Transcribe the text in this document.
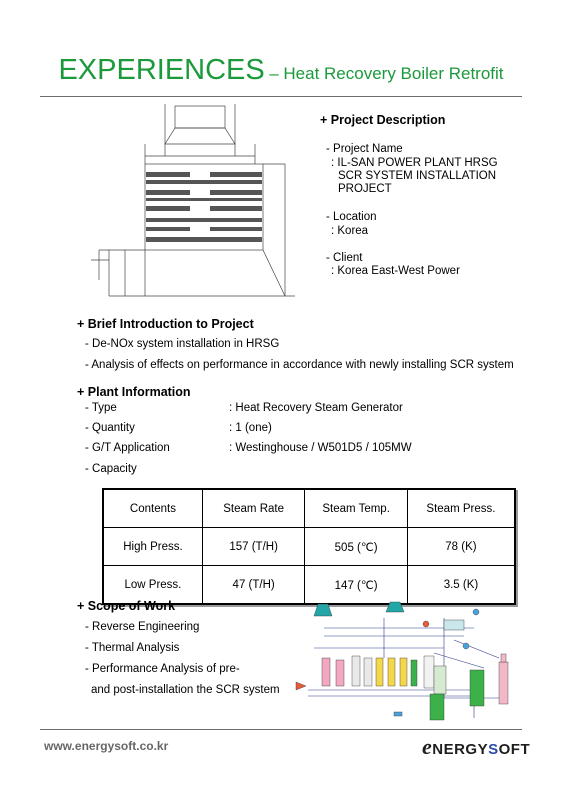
EXPERIENCES – Heat Recovery Boiler Retrofit
+ Project Description
- Project Name
: IL-SAN POWER PLANT HRSG
SCR SYSTEM INSTALLATION
PROJECT
- Location
: Korea
- Client
: Korea East-West Power
+ Brief Introduction to Project
- De-NOx system installation in HRSG
- Analysis of effects on performance in accordance with newly installing SCR system
+ Plant Information
- Type	: Heat Recovery Steam Generator
- Quantity	: 1 (one)
- G/T Application	: Westinghouse / W501D5 / 105MW
- Capacity
Contents	Steam Rate	Steam Temp.	Steam Press.
High Press.	157 (T/H)	505 (℃)	78 (K)
Low Press.	47 (T/H)	147 (℃)	3.5 (K)
+ Scope of Work
- Reverse Engineering
- Thermal Analysis
- Performance Analysis of pre-
and post-installation the SCR system
www.energysoft.co.kr	eNERGYSOFT
